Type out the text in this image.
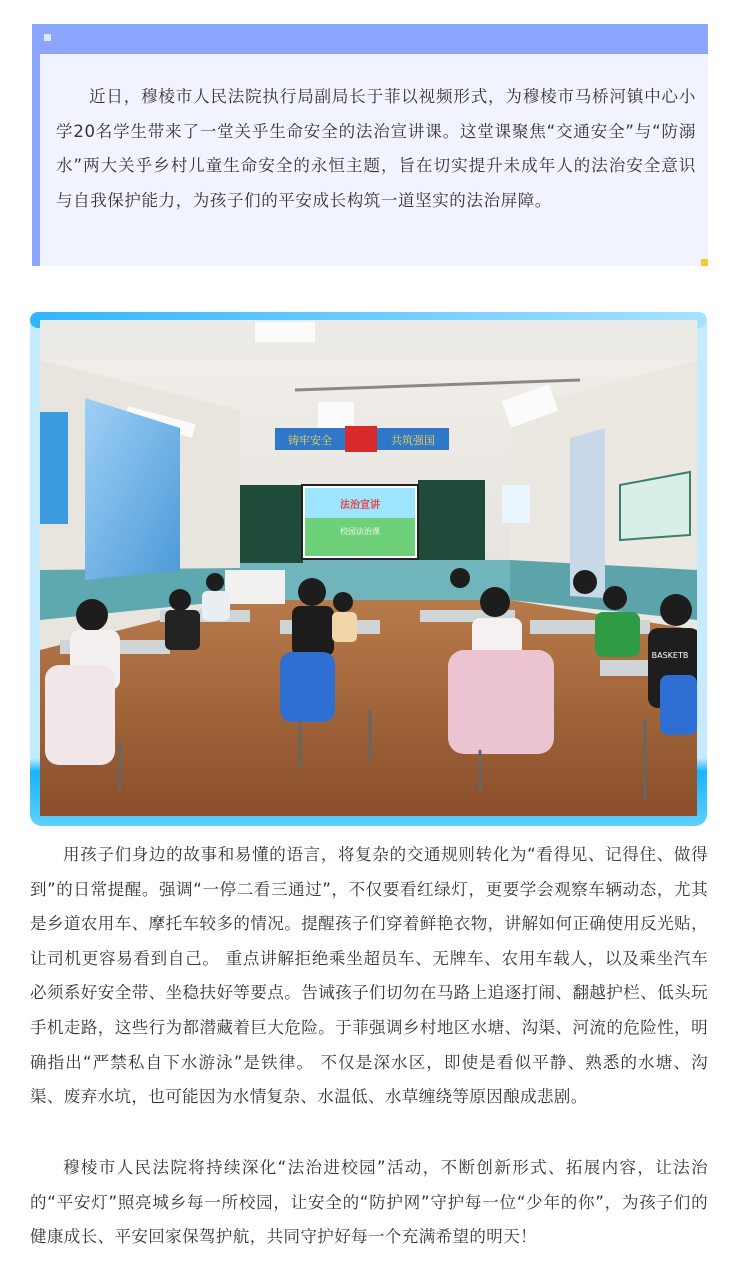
近日，穆棱市人民法院执行局副局长于菲以视频形式，为穆棱市马桥河镇中心小学20名学生带来了一堂关乎生命安全的法治宣讲课。这堂课聚焦“交通安全”与“防溺水”两大关乎乡村儿童生命安全的永恒主题，旨在切实提升未成年人的法治安全意识与自我保护能力，为孩子们的平安成长构筑一道坚实的法治屏障。
铸牢安全	共筑强国
法治宣讲
校园法治课
BASKETB

用孩子们身边的故事和易懂的语言，将复杂的交通规则转化为“看得见、记得住、做得到”的日常提醒。强调“一停二看三通过”，不仅要看红绿灯，更要学会观察车辆动态，尤其是乡道农用车、摩托车较多的情况。提醒孩子们穿着鲜艳衣物，讲解如何正确使用反光贴，让司机更容易看到自己。 重点讲解拒绝乘坐超员车、无牌车、农用车载人，以及乘坐汽车必须系好安全带、坐稳扶好等要点。告诫孩子们切勿在马路上追逐打闹、翻越护栏、低头玩手机走路，这些行为都潜藏着巨大危险。于菲强调乡村地区水塘、沟渠、河流的危险性，明确指出“严禁私自下水游泳”是铁律。 不仅是深水区，即使是看似平静、熟悉的水塘、沟渠、废弃水坑，也可能因为水情复杂、水温低、水草缠绕等原因酿成悲剧。

穆棱市人民法院将持续深化“法治进校园”活动，不断创新形式、拓展内容，让法治的“平安灯”照亮城乡每一所校园，让安全的“防护网”守护每一位“少年的你”，为孩子们的健康成长、平安回家保驾护航，共同守护好每一个充满希望的明天！
